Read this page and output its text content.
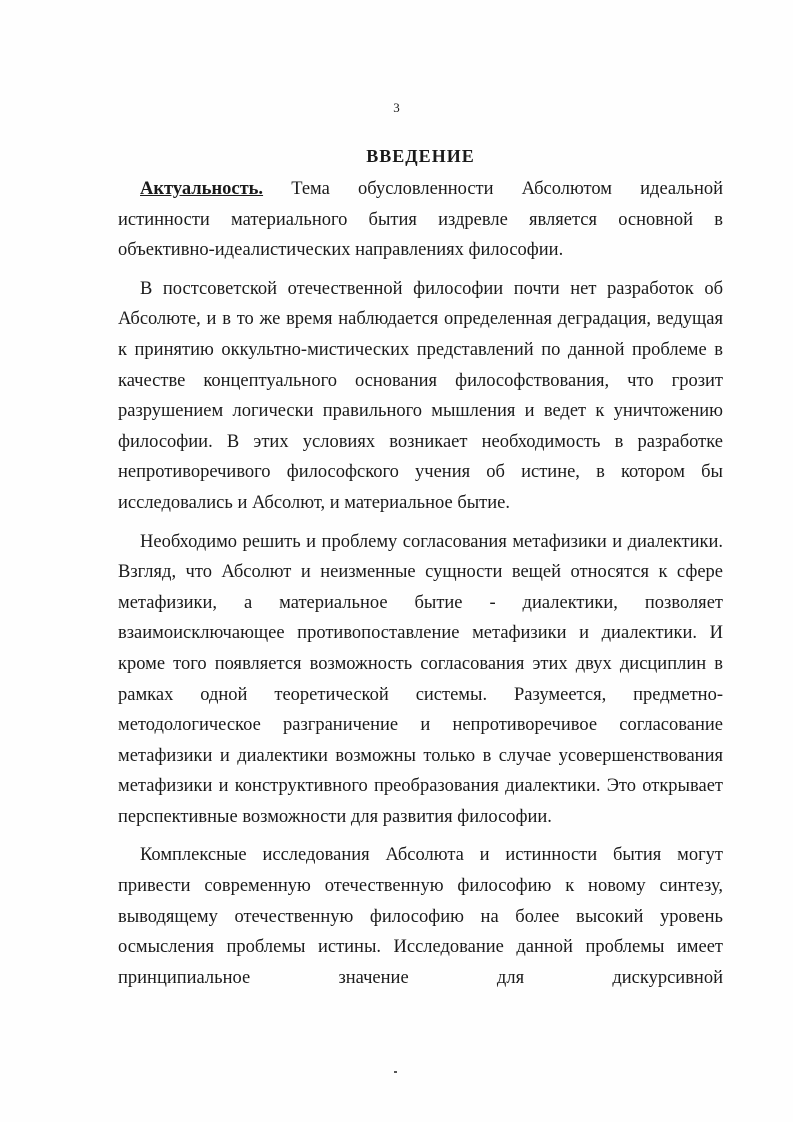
3
ВВЕДЕНИЕ

Актуальность. Тема обусловленности Абсолютом идеальной истинности материального бытия издревле является основной в объективно-идеалистических направлениях философии.

В постсоветской отечественной философии почти нет разработок об Абсолюте, и в то же время наблюдается определенная деградация, ведущая к принятию оккультно-мистических представлений по данной проблеме в качестве концептуального основания философствования, что грозит разрушением логически правильного мышления и ведет к уничтожению философии. В этих условиях возникает необходимость в разработке непротиворечивого философского учения об истине, в котором бы исследовались и Абсолют, и материальное бытие.

Необходимо решить и проблему согласования метафизики и диалектики. Взгляд, что Абсолют и неизменные сущности вещей относятся к сфере метафизики, а материальное бытие - диалектики, позволяет взаимоисключающее противопоставление метафизики и диалектики. И кроме того появляется возможность согласования этих двух дисциплин в рамках одной теоретической системы. Разумеется, предметно-методологическое разграничение и непротиворечивое согласование метафизики и диалектики возможны только в случае усовершенствования метафизики и конструктивного преобразования диалектики. Это открывает перспективные возможности для развития философии.

Комплексные исследования Абсолюта и истинности бытия могут привести современную отечественную философию к новому синтезу, выводящему отечественную философию на более высокий уровень осмысления проблемы истины. Исследование данной проблемы имеет принципиальное значение для дискурсивной
